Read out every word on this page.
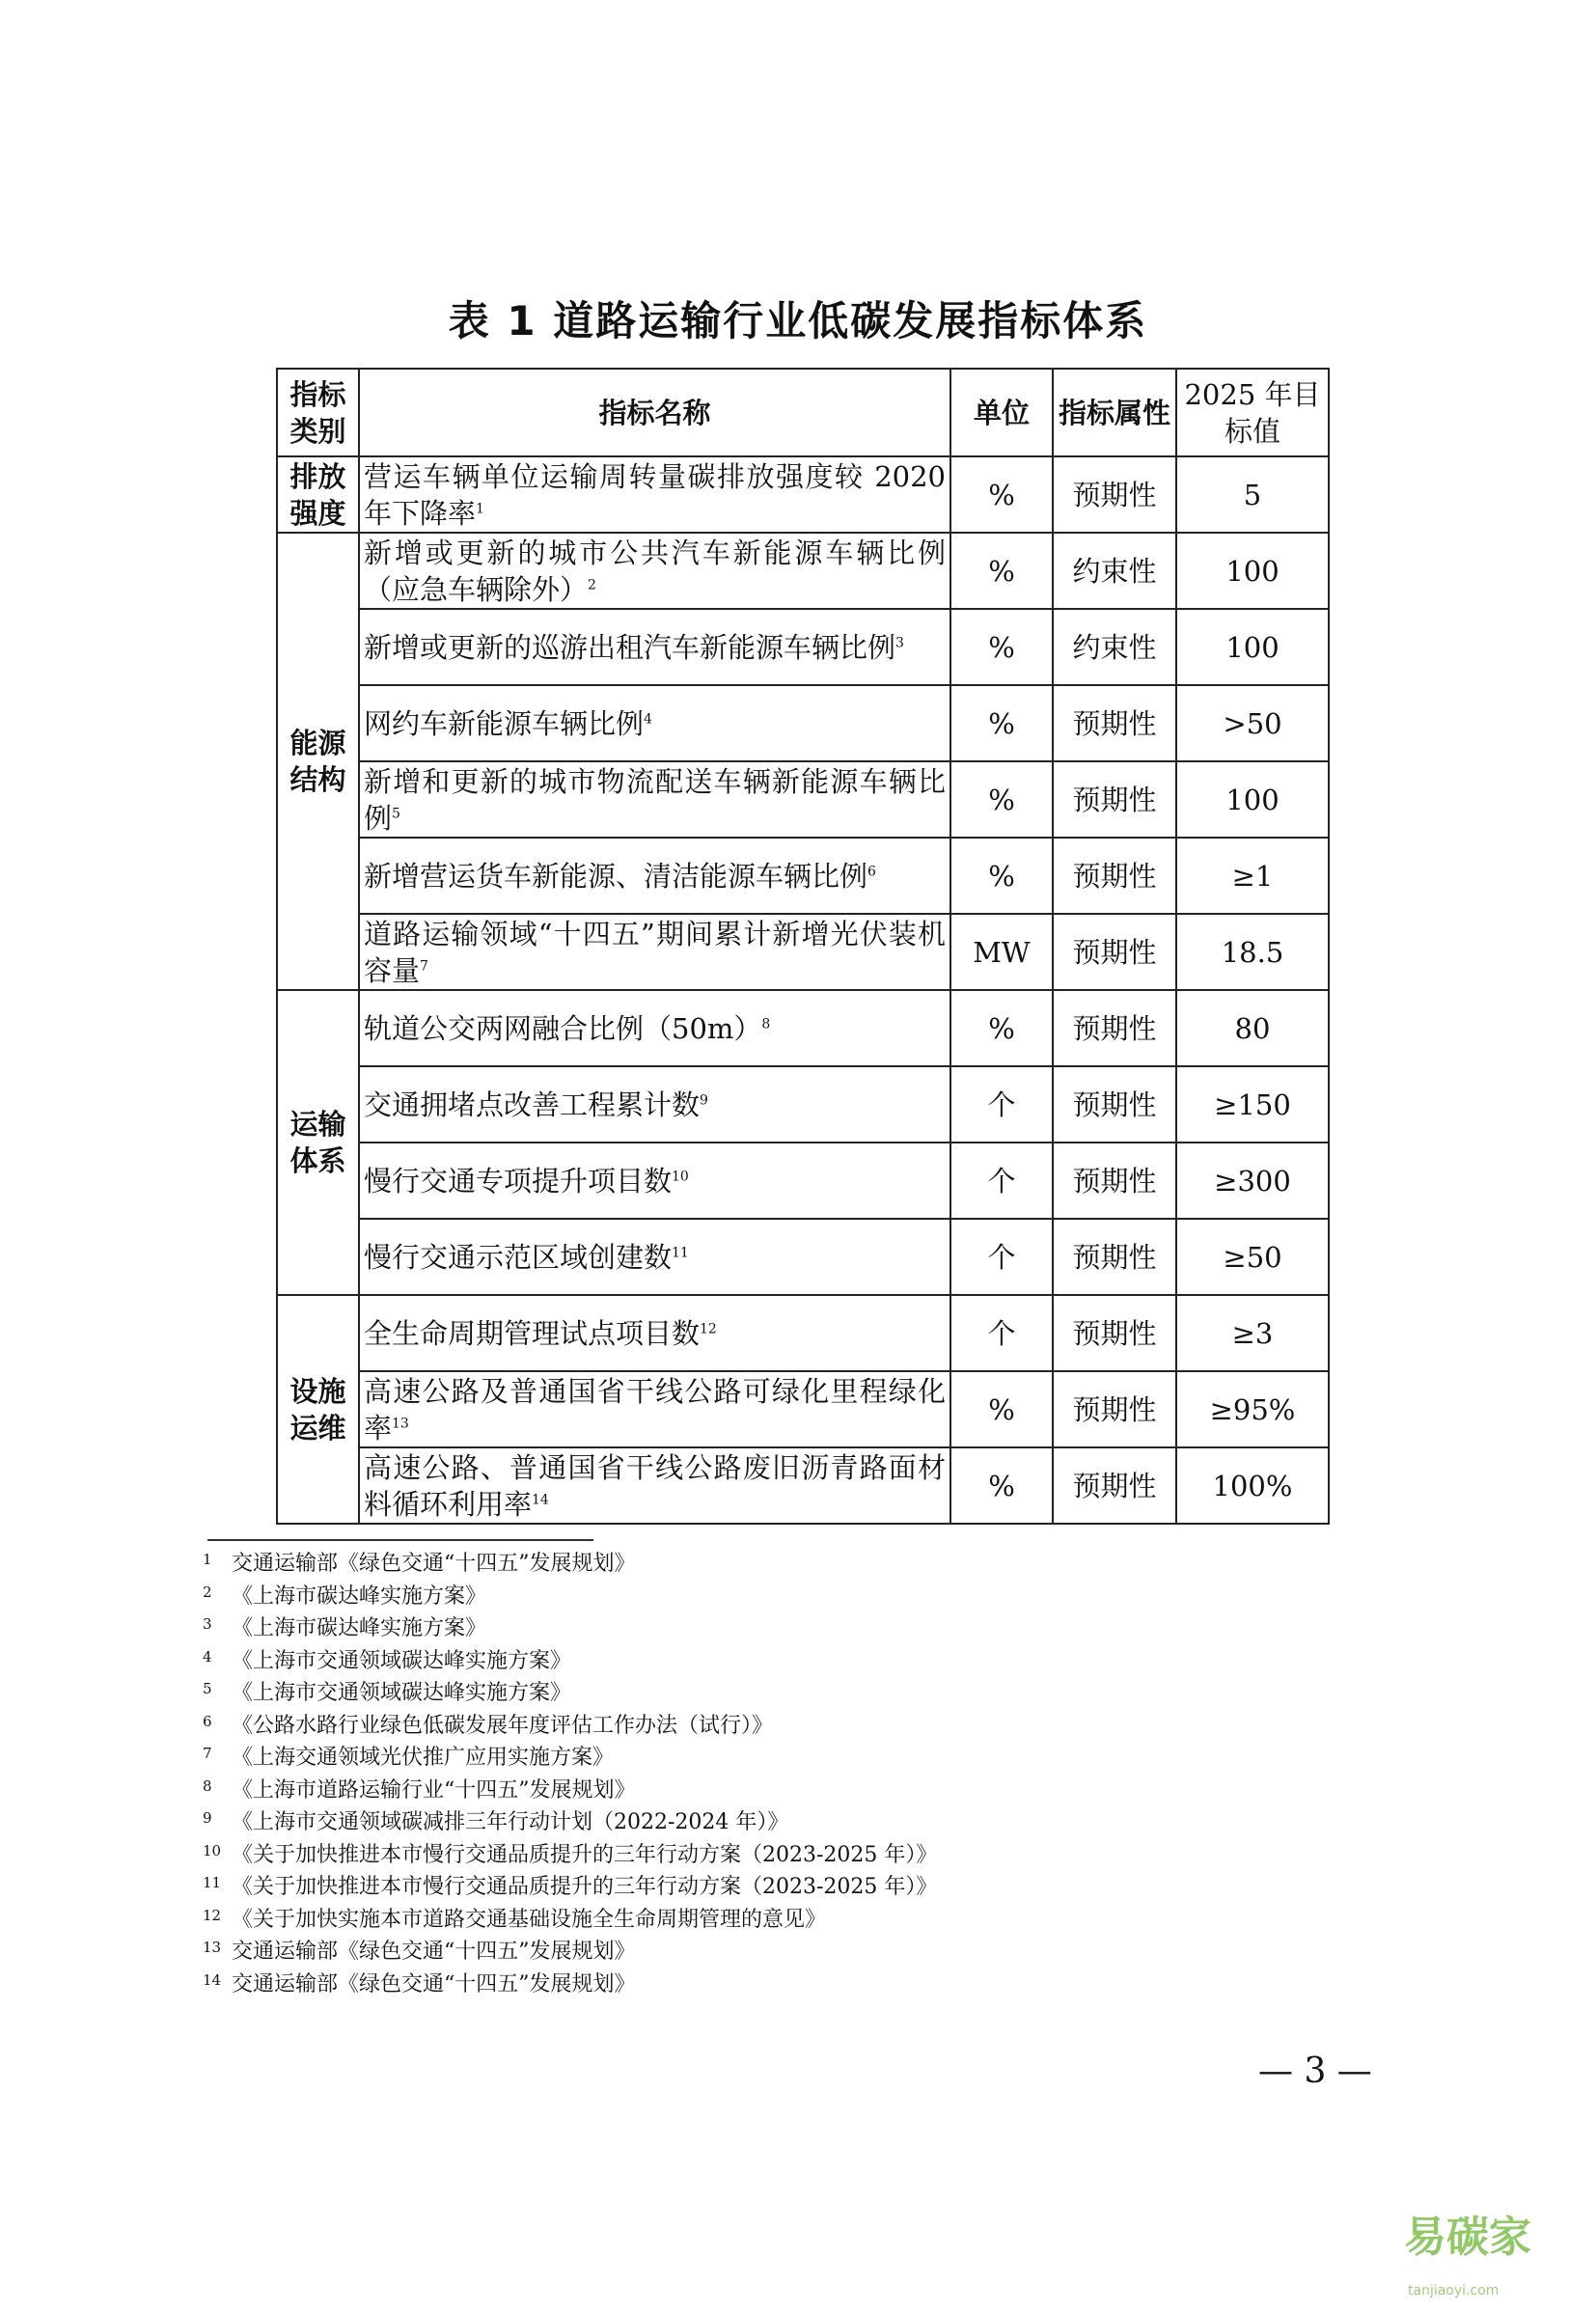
表 1 道路运输行业低碳发展指标体系
指标类别	指标名称	单位	指标属性	2025 年目标值
排放强度	营运车辆单位运输周转量碳排放强度较 2020 年下降率$^1$	%	预期性	5
能源结构	新增或更新的城市公共汽车新能源车辆比例（应急车辆除外）$^2$	%	约束性	100
	新增或更新的巡游出租汽车新能源车辆比例$^3$	%	约束性	100
	网约车新能源车辆比例$^4$	%	预期性	>50
	新增和更新的城市物流配送车辆新能源车辆比例$^5$	%	预期性	100
	新增营运货车新能源、清洁能源车辆比例$^6$	%	预期性	≥1
	道路运输领域“十四五”期间累计新增光伏装机容量$^7$	MW	预期性	18.5
运输体系	轨道公交两网融合比例$(50m)^8$	%	预期性	80
	交通拥堵点改善工程累计数$^9$	个	预期性	≥150
	慢行交通专项提升项目数$^{10}$	个	预期性	≥300
	慢行交通示范区域创建数$^{11}$	个	预期性	≥50
设施运维	全生命周期管理试点项目数$^{12}$	个	预期性	≥3
	高速公路及普通国省干线公路可绿化里程绿化率$^{13}$	%	预期性	≥95%
	高速公路、普通国省干线公路废旧沥青路面材料循环利用率$^{14}$	%	预期性	100%
1 交通运输部《绿色交通“十四五”发展规划》
2 《上海市碳达峰实施方案》
3 《上海市碳达峰实施方案》
4 《上海市交通领域碳达峰实施方案》
5 《上海市交通领域碳达峰实施方案》
6 《公路水路行业绿色低碳发展年度评估工作办法（试行）》
7 《上海交通领域光伏推广应用实施方案》
8 《上海市道路运输行业“十四五”发展规划》
9 《上海市交通领域碳减排三年行动计划（2022-2024 年）》
10 《关于加快推进本市慢行交通品质提升的三年行动方案（2023-2025 年）》
11 《关于加快推进本市慢行交通品质提升的三年行动方案（2023-2025 年）》
12 《关于加快实施本市道路交通基础设施全生命周期管理的意见》
13 交通运输部《绿色交通“十四五”发展规划》
14 交通运输部《绿色交通“十四五”发展规划》
— 3 —
易碳家tanjiaoyi.com
